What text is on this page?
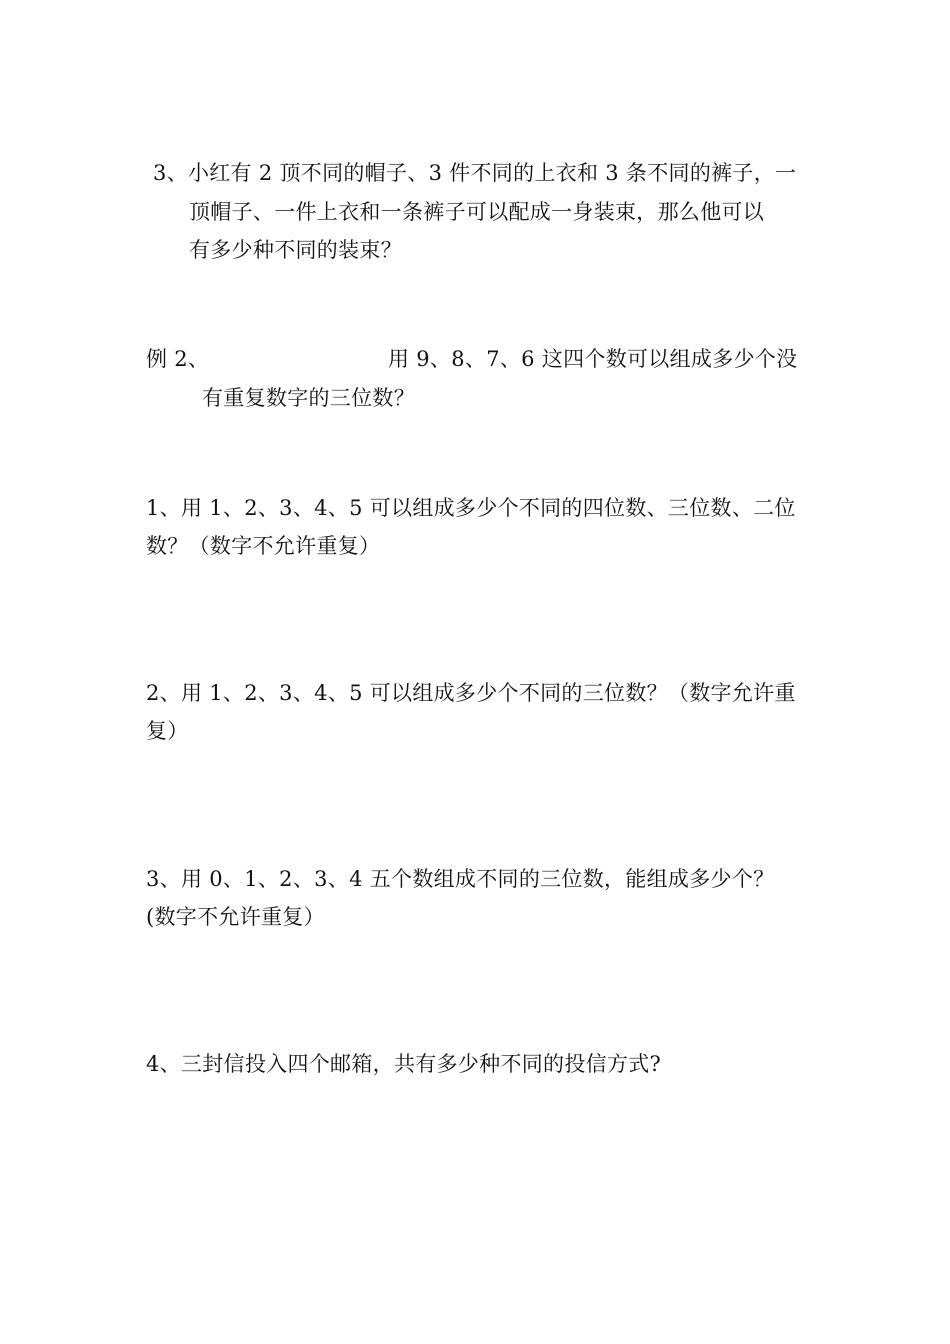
3、小红有 2 顶不同的帽子、3 件不同的上衣和 3 条不同的裤子，一
顶帽子、一件上衣和一条裤子可以配成一身装束，那么他可以
有多少种不同的装束？
例 2、	用 9、8、7、6 这四个数可以组成多少个没
有重复数字的三位数？
1、用 1、2、3、4、5 可以组成多少个不同的四位数、三位数、二位
数？（数字不允许重复）
2、用 1、2、3、4、5 可以组成多少个不同的三位数？（数字允许重
复）
3、用 0、1、2、3、4 五个数组成不同的三位数，能组成多少个？
(数字不允许重复）
4、三封信投入四个邮箱，共有多少种不同的投信方式?
